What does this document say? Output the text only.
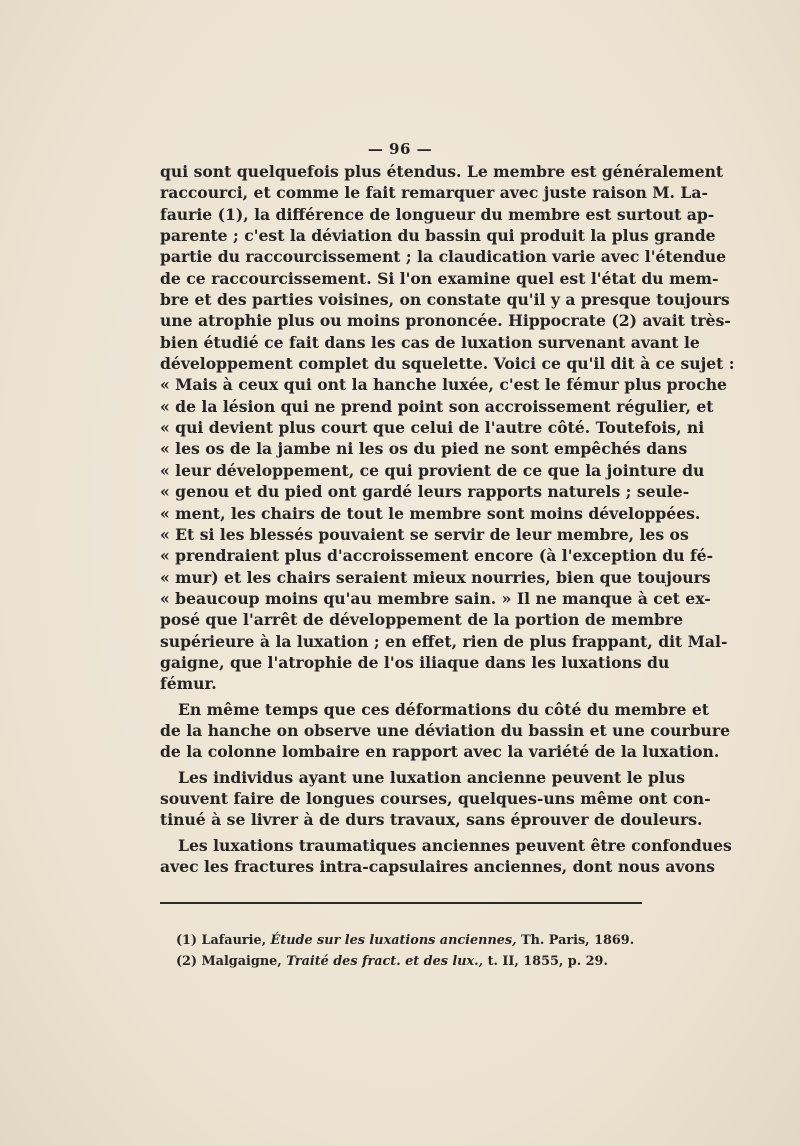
— 96 —
qui sont quelquefois plus étendus. Le membre est généralement
raccourci, et comme le fait remarquer avec juste raison M. La-
faurie (1), la différence de longueur du membre est surtout ap-
parente ; c'est la déviation du bassin qui produit la plus grande
partie du raccourcissement ; la claudication varie avec l'étendue
de ce raccourcissement. Si l'on examine quel est l'état du mem-
bre et des parties voisines, on constate qu'il y a presque toujours
une atrophie plus ou moins prononcée. Hippocrate (2) avait très-
bien étudié ce fait dans les cas de luxation survenant avant le
développement complet du squelette. Voici ce qu'il dit à ce sujet :
« Mais à ceux qui ont la hanche luxée, c'est le fémur plus proche
« de la lésion qui ne prend point son accroissement régulier, et
« qui devient plus court que celui de l'autre côté. Toutefois, ni
« les os de la jambe ni les os du pied ne sont empêchés dans
« leur développement, ce qui provient de ce que la jointure du
« genou et du pied ont gardé leurs rapports naturels ; seule-
« ment, les chairs de tout le membre sont moins développées.
« Et si les blessés pouvaient se servir de leur membre, les os
« prendraient plus d'accroissement encore (à l'exception du fé-
« mur) et les chairs seraient mieux nourries, bien que toujours
« beaucoup moins qu'au membre sain. » Il ne manque à cet ex-
posé que l'arrêt de développement de la portion de membre
supérieure à la luxation ; en effet, rien de plus frappant, dit Mal-
gaigne, que l'atrophie de l'os iliaque dans les luxations du
fémur.
En même temps que ces déformations du côté du membre et
de la hanche on observe une déviation du bassin et une courbure
de la colonne lombaire en rapport avec la variété de la luxation.
Les individus ayant une luxation ancienne peuvent le plus
souvent faire de longues courses, quelques-uns même ont con-
tinué à se livrer à de durs travaux, sans éprouver de douleurs.
Les luxations traumatiques anciennes peuvent être confondues
avec les fractures intra-capsulaires anciennes, dont nous avons
(1) Lafaurie, Étude sur les luxations anciennes, Th. Paris, 1869.
(2) Malgaigne, Traité des fract. et des lux., t. II, 1855, p. 29.
